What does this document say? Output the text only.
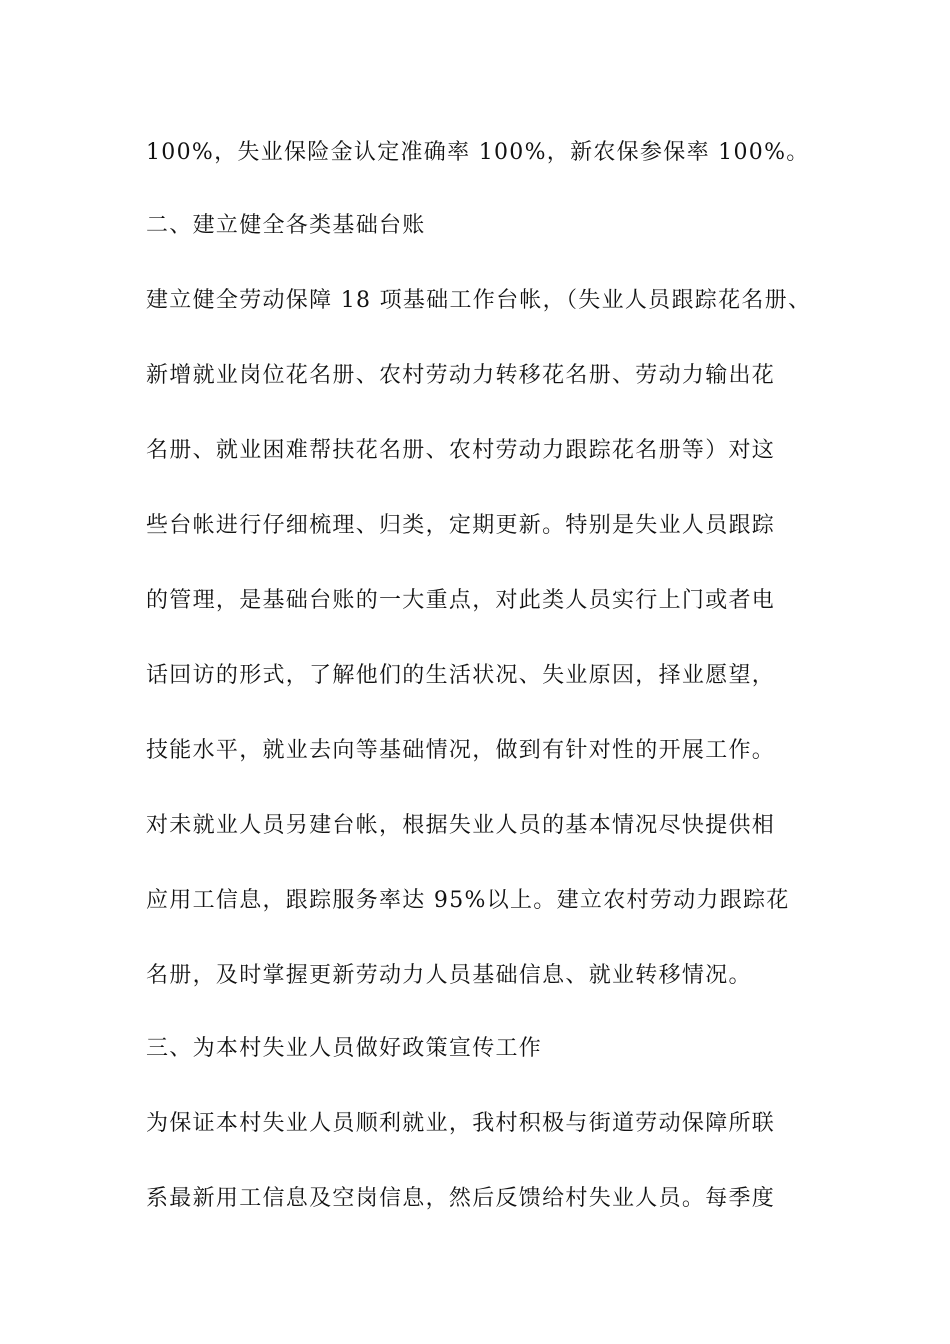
100%，失业保险金认定准确率 100%，新农保参保率 100%。
二、建立健全各类基础台账
建立健全劳动保障 18 项基础工作台帐，（失业人员跟踪花名册、
新增就业岗位花名册、农村劳动力转移花名册、劳动力输出花
名册、就业困难帮扶花名册、农村劳动力跟踪花名册等）对这
些台帐进行仔细梳理、归类，定期更新。特别是失业人员跟踪
的管理，是基础台账的一大重点，对此类人员实行上门或者电
话回访的形式，了解他们的生活状况、失业原因，择业愿望，
技能水平，就业去向等基础情况，做到有针对性的开展工作。
对未就业人员另建台帐，根据失业人员的基本情况尽快提供相
应用工信息，跟踪服务率达 95%以上。建立农村劳动力跟踪花
名册，及时掌握更新劳动力人员基础信息、就业转移情况。
三、为本村失业人员做好政策宣传工作
为保证本村失业人员顺利就业，我村积极与街道劳动保障所联
系最新用工信息及空岗信息，然后反馈给村失业人员。每季度
